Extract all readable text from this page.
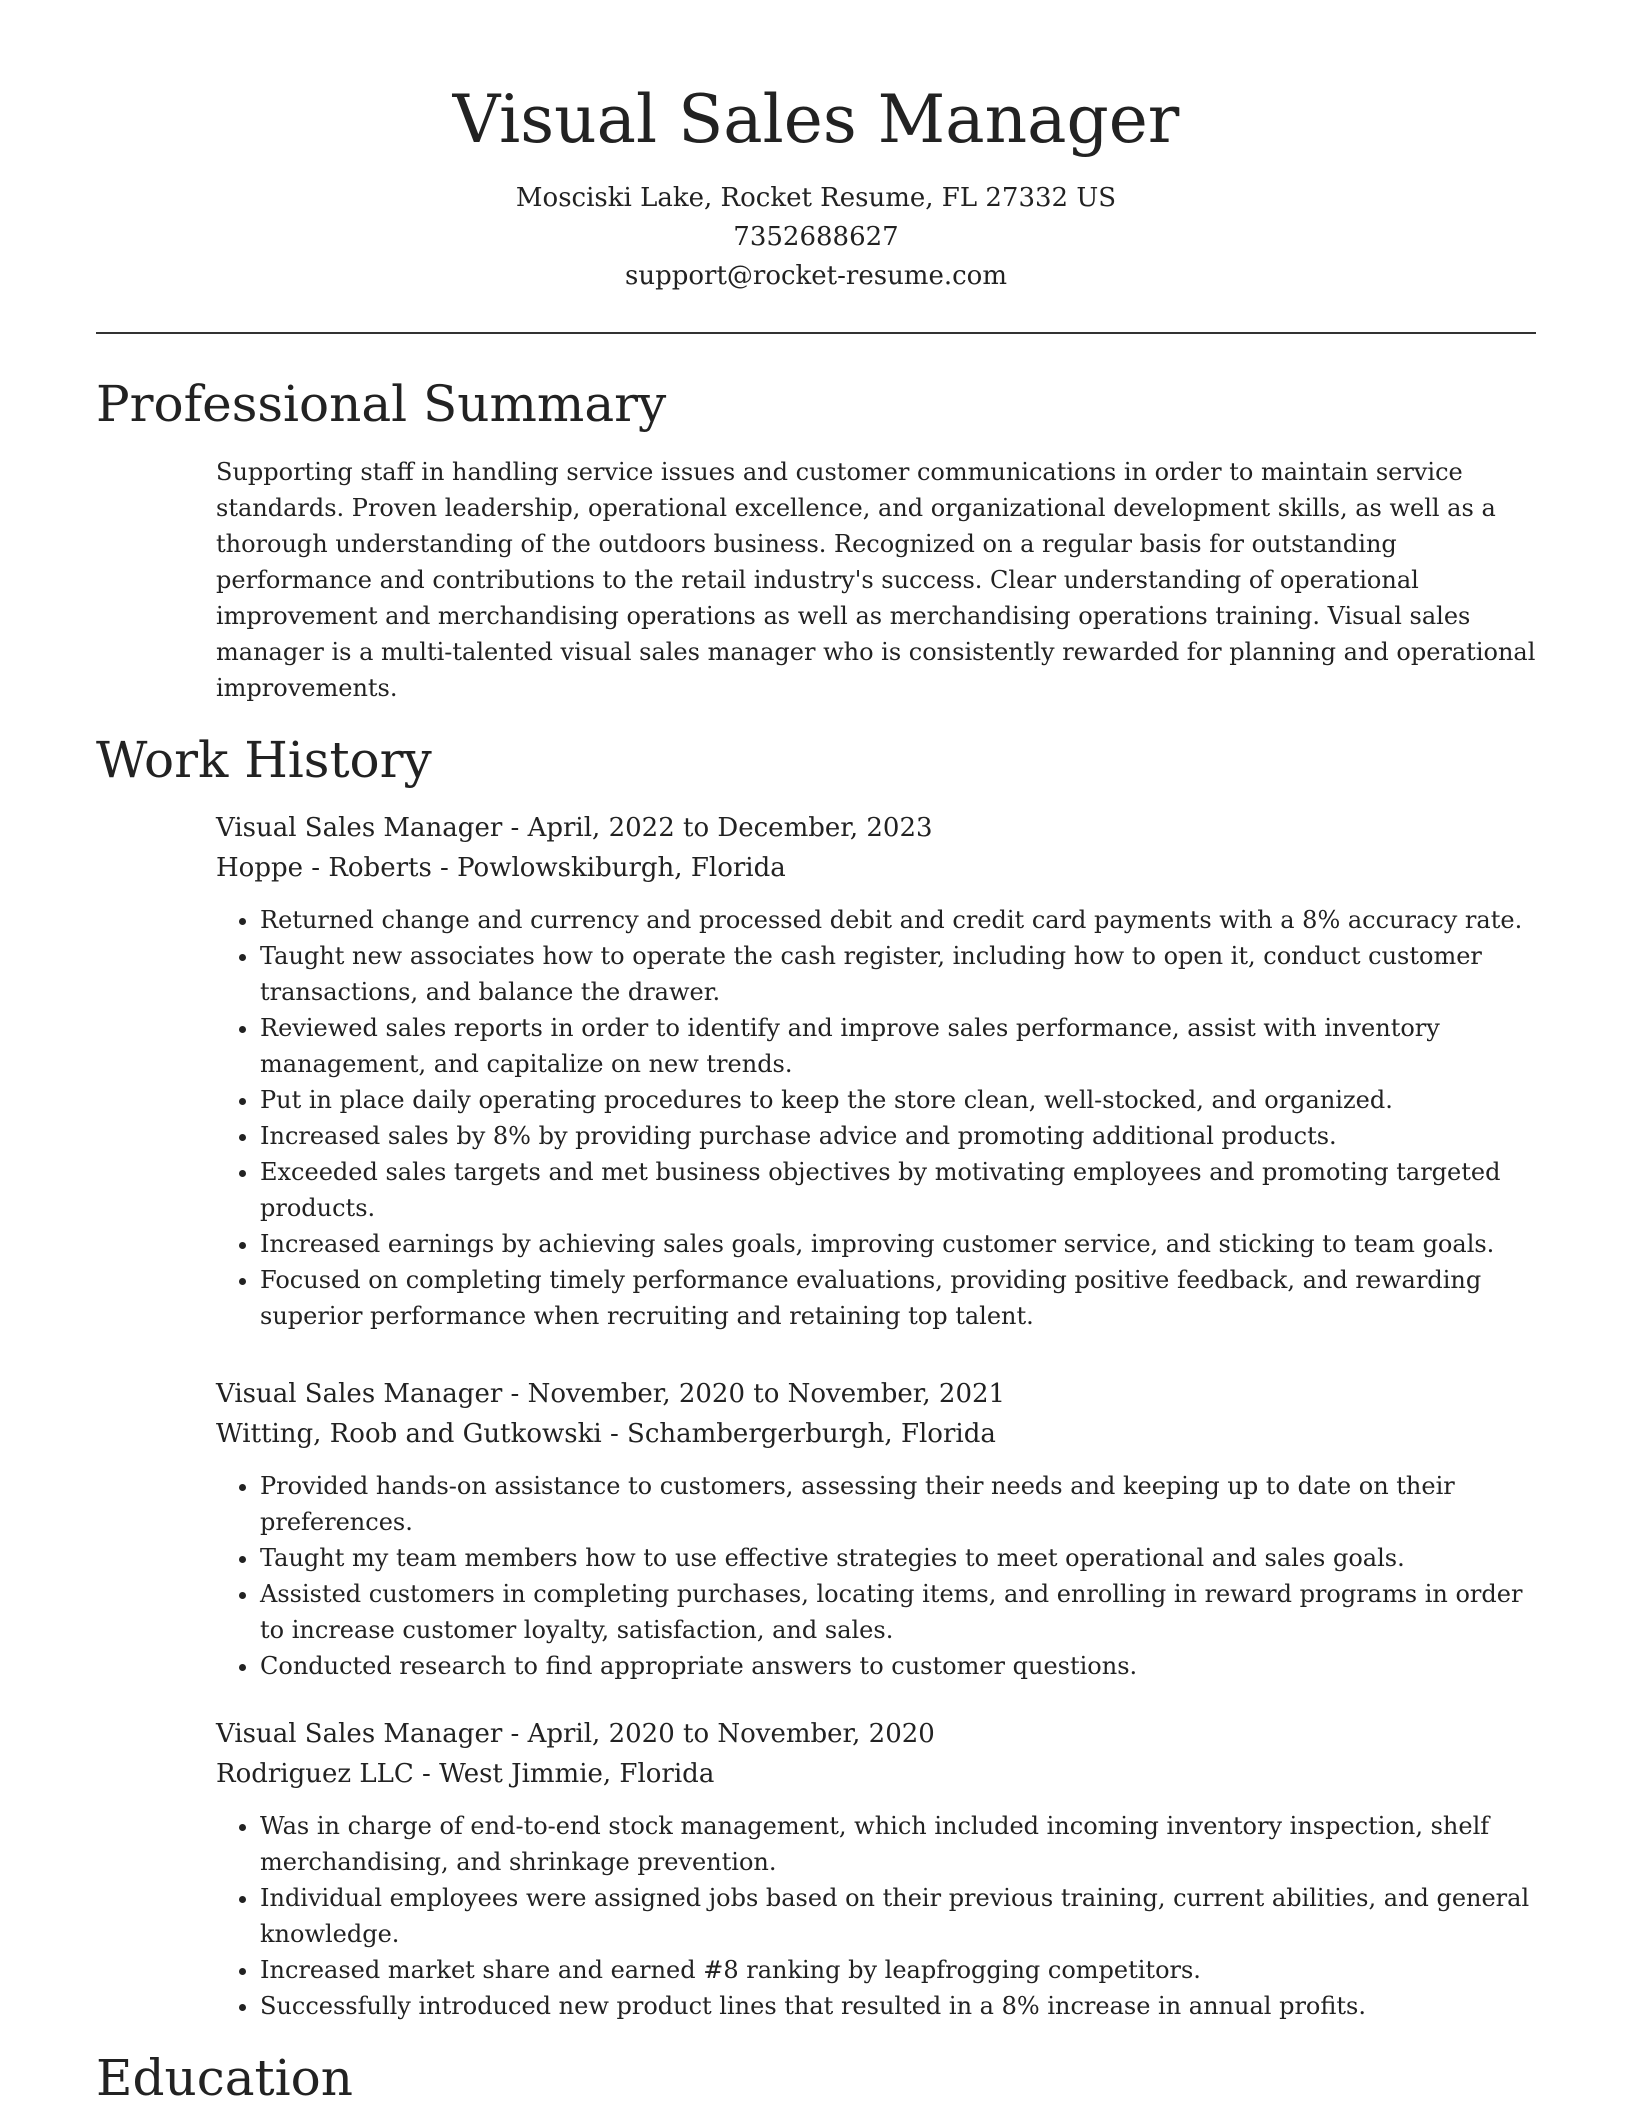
Visual Sales Manager
Mosciski Lake, Rocket Resume, FL 27332 US
7352688627
support@rocket-resume.com
Professional Summary

Supporting staff in handling service issues and customer communications in order to maintain service standards. Proven leadership, operational excellence, and organizational development skills, as well as a thorough understanding of the outdoors business. Recognized on a regular basis for outstanding performance and contributions to the retail industry's success. Clear understanding of operational improvement and merchandising operations as well as merchandising operations training. Visual sales manager is a multi-talented visual sales manager who is consistently rewarded for planning and operational improvements.

Work History
Visual Sales Manager - April, 2022 to December, 2023
Hoppe - Roberts - Powlowskiburgh, Florida
• Returned change and currency and processed debit and credit card payments with a 8% accuracy rate.
• Taught new associates how to operate the cash register, including how to open it, conduct customer transactions, and balance the drawer.
• Reviewed sales reports in order to identify and improve sales performance, assist with inventory management, and capitalize on new trends.
• Put in place daily operating procedures to keep the store clean, well-stocked, and organized.
• Increased sales by 8% by providing purchase advice and promoting additional products.
• Exceeded sales targets and met business objectives by motivating employees and promoting targeted products.
• Increased earnings by achieving sales goals, improving customer service, and sticking to team goals.
• Focused on completing timely performance evaluations, providing positive feedback, and rewarding superior performance when recruiting and retaining top talent.
Visual Sales Manager - November, 2020 to November, 2021
Witting, Roob and Gutkowski - Schambergerburgh, Florida
• Provided hands-on assistance to customers, assessing their needs and keeping up to date on their preferences.
• Taught my team members how to use effective strategies to meet operational and sales goals.
• Assisted customers in completing purchases, locating items, and enrolling in reward programs in order to increase customer loyalty, satisfaction, and sales.
• Conducted research to find appropriate answers to customer questions.
Visual Sales Manager - April, 2020 to November, 2020
Rodriguez LLC - West Jimmie, Florida
• Was in charge of end-to-end stock management, which included incoming inventory inspection, shelf merchandising, and shrinkage prevention.
• Individual employees were assigned jobs based on their previous training, current abilities, and general knowledge.
• Increased market share and earned #8 ranking by leapfrogging competitors.
• Successfully introduced new product lines that resulted in a 8% increase in annual profits.
Education
